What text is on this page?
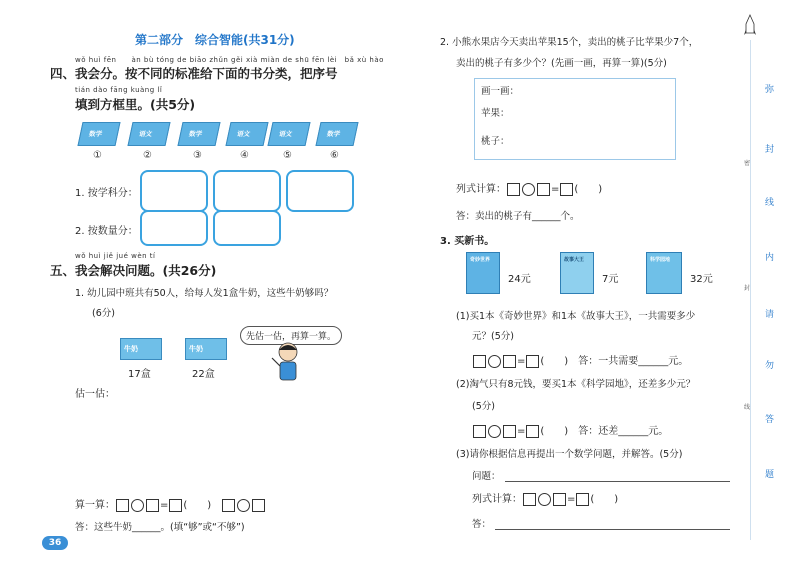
第二部分　综合智能(共31分)
wǒ huì fēn　　àn bù tóng de biāo zhǔn gěi xià miàn de shū fēn lèi　bǎ xù hào
四、我会分。按不同的标准给下面的书分类，把序号
tián dào fāng kuàng lǐ
填到方框里。(共5分)
数学	语文	数学	语文	语文	数学
①	②	③	④	⑤	⑥
1. 按学科分：
2. 按数量分：
wǒ huì jiě jué wèn tí
五、我会解决问题。(共26分)
1. 幼儿园中班共有50人，给每人发1盒牛奶，这些牛奶够吗？
(6分)
牛奶	牛奶
17盒	22盒
先估一估，再算一算。
估一估：
算一算：	= (　　)　
答：这些牛奶______。(填“够”或“不够”)
36
2. 小熊水果店今天卖出苹果15个，卖出的桃子比苹果少7个，
卖出的桃子有多少个？(先画一画，再算一算)(5分)
画一画：
苹果：
桃子：
列式计算：	= (　　)
答：卖出的桃子有______个。
3. 买新书。
奇妙世界
24元
故事大王
7元
科学园地
32元
(1)买1本《奇妙世界》和1本《故事大王》，一共需要多少
元？(5分)
= (　　)　答：一共需要______元。
(2)淘气只有8元钱，要买1本《科学园地》，还差多少元？
(5分)
= (　　)　答：还差______元。
(3)请你根据信息再提出一个数学问题，并解答。(5分)
问题：
列式计算：	= (　　)
答：
弥
封
线
内
请
勿
答
题
密
封
线
